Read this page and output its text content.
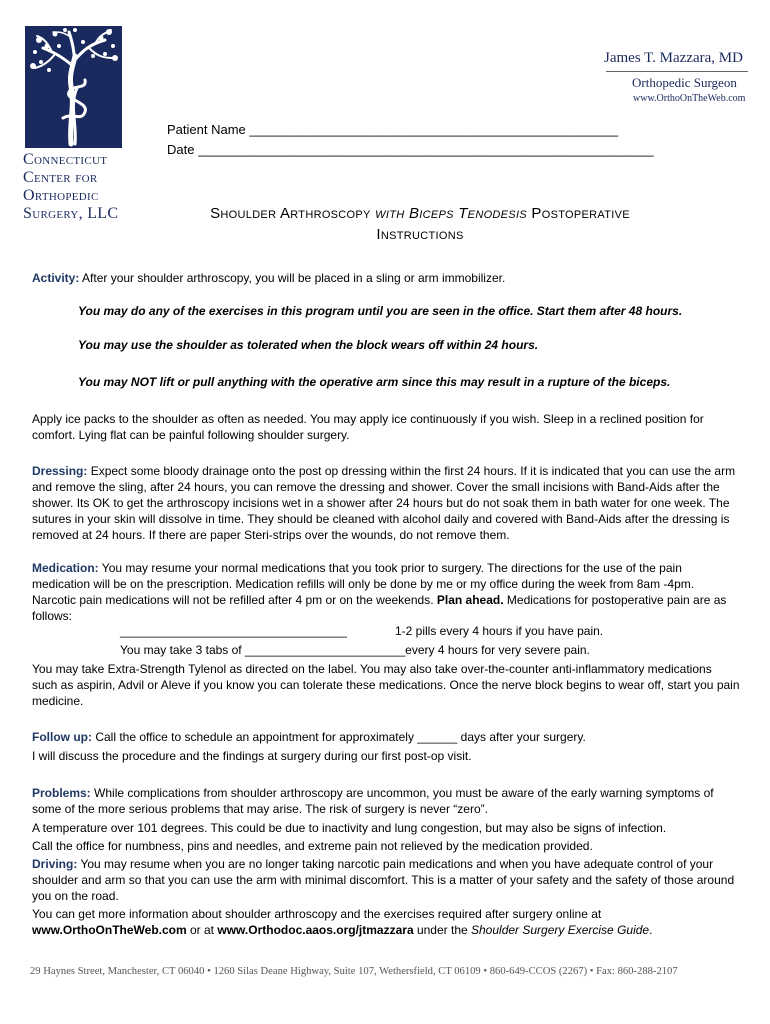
Connecticut
Center for
Orthopedic
Surgery, LLC
James T. Mazzara, MD
Orthopedic Surgeon
www.OrthoOnTheWeb.com
Patient Name ___________________________________________________
Date _______________________________________________________________
Shoulder Arthroscopy with Biceps Tenodesis Postoperative
Instructions
Activity: After your shoulder arthroscopy, you will be placed in a sling or arm immobilizer.
You may do any of the exercises in this program until you are seen in the office. Start them after 48 hours.
You may use the shoulder as tolerated when the block wears off within 24 hours.
You may NOT lift or pull anything with the operative arm since this may result in a rupture of the biceps.
Apply ice packs to the shoulder as often as needed. You may apply ice continuously if you wish. Sleep in a reclined position for comfort. Lying flat can be painful following shoulder surgery.
Dressing: Expect some bloody drainage onto the post op dressing within the first 24 hours. If it is indicated that you can use the arm and remove the sling, after 24 hours, you can remove the dressing and shower. Cover the small incisions with Band-Aids after the shower. Its OK to get the arthroscopy incisions wet in a shower after 24 hours but do not soak them in bath water for one week. The sutures in your skin will dissolve in time. They should be cleaned with alcohol daily and covered with Band-Aids after the dressing is removed at 24 hours. If there are paper Steri-strips over the wounds, do not remove them.
Medication: You may resume your normal medications that you took prior to surgery. The directions for the use of the pain medication will be on the prescription. Medication refills will only be done by me or my office during the week from 8am -4pm. Narcotic pain medications will not be refilled after 4 pm or on the weekends. Plan ahead. Medications for postoperative pain are as follows:
__________________________________	1-2 pills every 4 hours if you have pain.
You may take 3 tabs of ________________________every 4 hours for very severe pain.
You may take Extra-Strength Tylenol as directed on the label. You may also take over-the-counter anti-inflammatory medications such as aspirin, Advil or Aleve if you know you can tolerate these medications. Once the nerve block begins to wear off, start you pain medicine.
Follow up: Call the office to schedule an appointment for approximately ______ days after your surgery.
I will discuss the procedure and the findings at surgery during our first post-op visit.
Problems: While complications from shoulder arthroscopy are uncommon, you must be aware of the early warning symptoms of some of the more serious problems that may arise. The risk of surgery is never “zero”.
A temperature over 101 degrees. This could be due to inactivity and lung congestion, but may also be signs of infection.
Call the office for numbness, pins and needles, and extreme pain not relieved by the medication provided.
Driving: You may resume when you are no longer taking narcotic pain medications and when you have adequate control of your shoulder and arm so that you can use the arm with minimal discomfort. This is a matter of your safety and the safety of those around you on the road.
You can get more information about shoulder arthroscopy and the exercises required after surgery online at
www.OrthoOnTheWeb.com or at www.Orthodoc.aaos.org/jtmazzara under the Shoulder Surgery Exercise Guide.
29 Haynes Street, Manchester, CT 06040 • 1260 Silas Deane Highway, Suite 107, Wethersfield, CT 06109 • 860-649-CCOS (2267) • Fax: 860-288-2107
